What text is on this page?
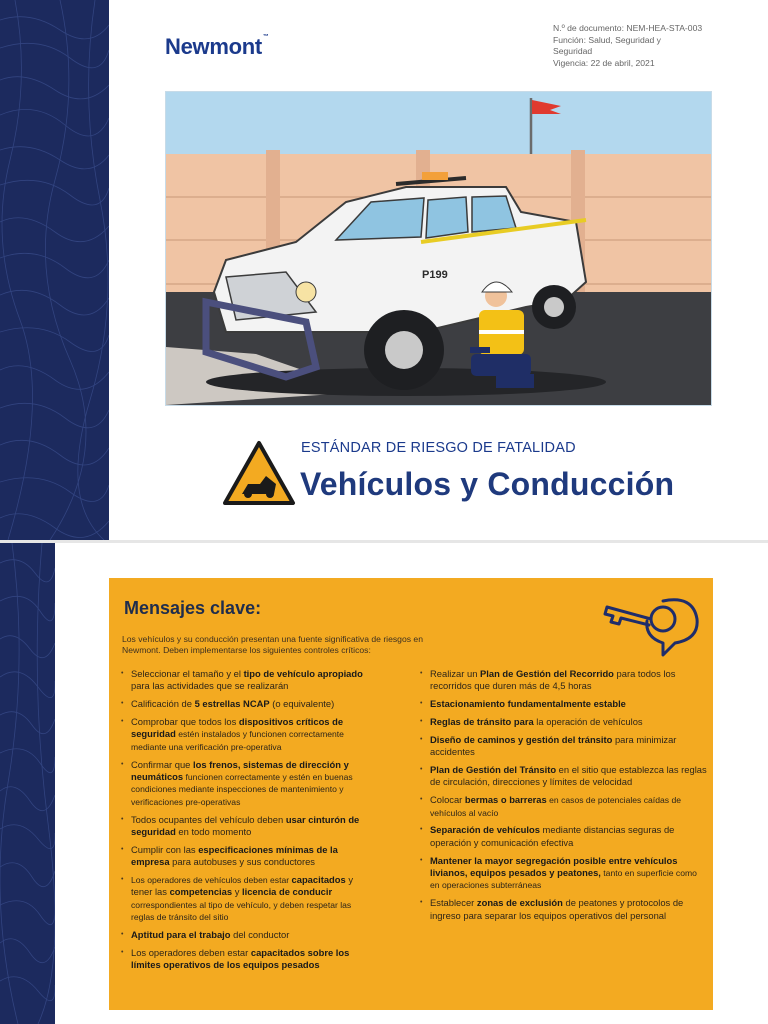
Newmont™
N.º de documento: NEM-HEA-STA-003
Función: Salud, Seguridad y
Seguridad
Vigencia: 22 de abril, 2021
P199
ESTÁNDAR DE RIESGO DE FATALIDAD
Vehículos y Conducción
Mensajes clave:
Los vehículos y su conducción presentan una fuente significativa de riesgos en Newmont. Deben implementarse los siguientes controles críticos:
• Seleccionar el tamaño y el tipo de vehículo apropiado para las actividades que se realizarán
• Calificación de 5 estrellas NCAP (o equivalente)
• Comprobar que todos los dispositivos críticos de seguridad estén instalados y funcionen correctamente mediante una verificación pre-operativa
• Confirmar que los frenos, sistemas de dirección y neumáticos funcionen correctamente y estén en buenas condiciones mediante inspecciones de mantenimiento y verificaciones pre-operativas
• Todos ocupantes del vehículo deben usar cinturón de seguridad en todo momento
• Cumplir con las especificaciones mínimas de la empresa para autobuses y sus conductores
• Los operadores de vehículos deben estar capacitados y tener las competencias y licencia de conducir correspondientes al tipo de vehículo, y deben respetar las reglas de tránsito del sitio
• Aptitud para el trabajo del conductor
• Los operadores deben estar capacitados sobre los límites operativos de los equipos pesados
• Realizar un Plan de Gestión del Recorrido para todos los recorridos que duren más de 4,5 horas
• Estacionamiento fundamentalmente estable
• Reglas de tránsito para la operación de vehículos
• Diseño de caminos y gestión del tránsito para minimizar accidentes
• Plan de Gestión del Tránsito en el sitio que establezca las reglas de circulación, direcciones y límites de velocidad
• Colocar bermas o barreras en casos de potenciales caídas de vehículos al vacío
• Separación de vehículos mediante distancias seguras de operación y comunicación efectiva
• Mantener la mayor segregación posible entre vehículos livianos, equipos pesados y peatones, tanto en superficie como en operaciones subterráneas
• Establecer zonas de exclusión de peatones y protocolos de ingreso para separar los equipos operativos del personal
